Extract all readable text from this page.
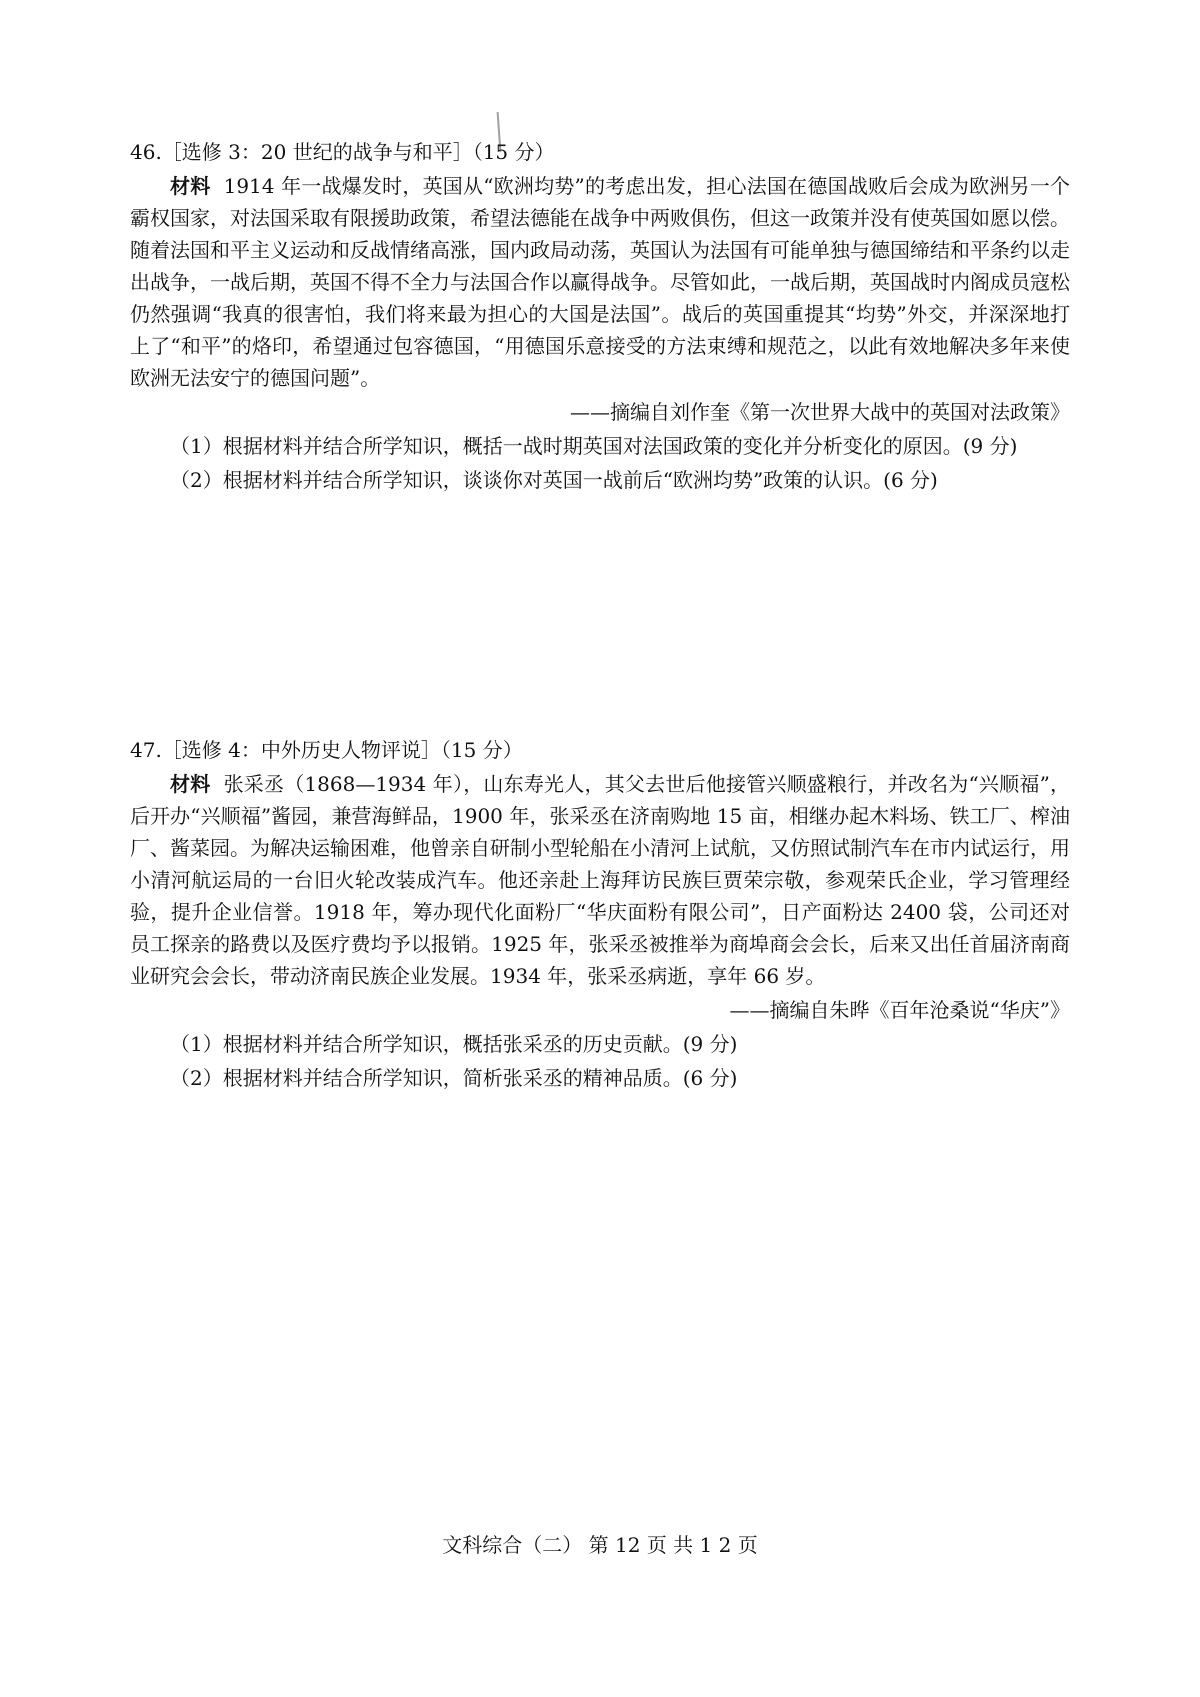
46.［选修 3：20 世纪的战争与和平］（15 分）

材料 1914 年一战爆发时，英国从“欧洲均势”的考虑出发，担心法国在德国战败后会成为欧洲另一个霸权国家，对法国采取有限援助政策，希望法德能在战争中两败俱伤，但这一政策并没有使英国如愿以偿。随着法国和平主义运动和反战情绪高涨，国内政局动荡，英国认为法国有可能单独与德国缔结和平条约以走出战争，一战后期，英国不得不全力与法国合作以赢得战争。尽管如此，一战后期，英国战时内阁成员寇松仍然强调“我真的很害怕，我们将来最为担心的大国是法国”。战后的英国重提其“均势”外交，并深深地打上了“和平”的烙印，希望通过包容德国，“用德国乐意接受的方法束缚和规范之，以此有效地解决多年来使欧洲无法安宁的德国问题”。

——摘编自刘作奎《第一次世界大战中的英国对法政策》

（1）根据材料并结合所学知识，概括一战时期英国对法国政策的变化并分析变化的原因。(9 分)

（2）根据材料并结合所学知识，谈谈你对英国一战前后“欧洲均势”政策的认识。(6 分)

47.［选修 4：中外历史人物评说］（15 分）

材料 张采丞（1868—1934 年），山东寿光人，其父去世后他接管兴顺盛粮行，并改名为“兴顺福”，后开办“兴顺福”酱园，兼营海鲜品，1900 年，张采丞在济南购地 15 亩，相继办起木料场、铁工厂、榨油厂、酱菜园。为解决运输困难，他曾亲自研制小型轮船在小清河上试航，又仿照试制汽车在市内试运行，用小清河航运局的一台旧火轮改装成汽车。他还亲赴上海拜访民族巨贾荣宗敬，参观荣氏企业，学习管理经验，提升企业信誉。1918 年，筹办现代化面粉厂“华庆面粉有限公司”，日产面粉达 2400 袋，公司还对员工探亲的路费以及医疗费均予以报销。1925 年，张采丞被推举为商埠商会会长，后来又出任首届济南商业研究会会长，带动济南民族企业发展。1934 年，张采丞病逝，享年 66 岁。

——摘编自朱晔《百年沧桑说“华庆”》

（1）根据材料并结合所学知识，概括张采丞的历史贡献。(9 分)

（2）根据材料并结合所学知识，简析张采丞的精神品质。(6 分)

文科综合（二） 第 12 页 共 1 2 页
